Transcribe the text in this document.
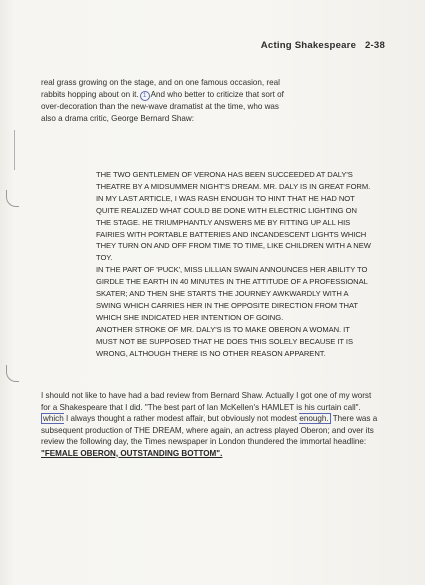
Acting Shakespeare 2-38
real grass growing on the stage, and on one famous occasion, real
rabbits hopping about on it. 1 And who better to criticize that sort of
over-decoration than the new-wave dramatist at the time, who was
also a drama critic, George Bernard Shaw:

THE TWO GENTLEMEN OF VERONA HAS BEEN SUCCEEDED AT DALY'S THEATRE BY A MIDSUMMER NIGHT'S DREAM. MR. DALY IS IN GREAT FORM. IN MY LAST ARTICLE, I WAS RASH ENOUGH TO HINT THAT HE HAD NOT QUITE REALIZED WHAT COULD BE DONE WITH ELECTRIC LIGHTING ON THE STAGE. HE TRIUMPHANTLY ANSWERS ME BY FITTING UP ALL HIS FAIRIES WITH PORTABLE BATTERIES AND INCANDESCENT LIGHTS WHICH THEY TURN ON AND OFF FROM TIME TO TIME, LIKE CHILDREN WITH A NEW TOY.

IN THE PART OF 'PUCK', MISS LILLIAN SWAIN ANNOUNCES HER ABILITY TO GIRDLE THE EARTH IN 40 MINUTES IN THE ATTITUDE OF A PROFESSIONAL SKATER; AND THEN SHE STARTS THE JOURNEY AWKWARDLY WITH A SWING WHICH CARRIES HER IN THE OPPOSITE DIRECTION FROM THAT WHICH SHE INDICATED HER INTENTION OF GOING.

ANOTHER STROKE OF MR. DALY'S IS TO MAKE OBERON A WOMAN. IT MUST NOT BE SUPPOSED THAT HE DOES THIS SOLELY BECAUSE IT IS WRONG, ALTHOUGH THERE IS NO OTHER REASON APPARENT.

I should not like to have had a bad review from Bernard Shaw. Actually I got one of my worst for a Shakespeare that I did. "The best part of Ian McKellen's HAMLET is his curtain call". which I always thought a rather modest affair, but obviously not modest enough. There was a subsequent production of THE DREAM, where again, an actress played Oberon; and over its review the following day, the Times newspaper in London thundered the immortal headline: "FEMALE OBERON, OUTSTANDING BOTTOM".
